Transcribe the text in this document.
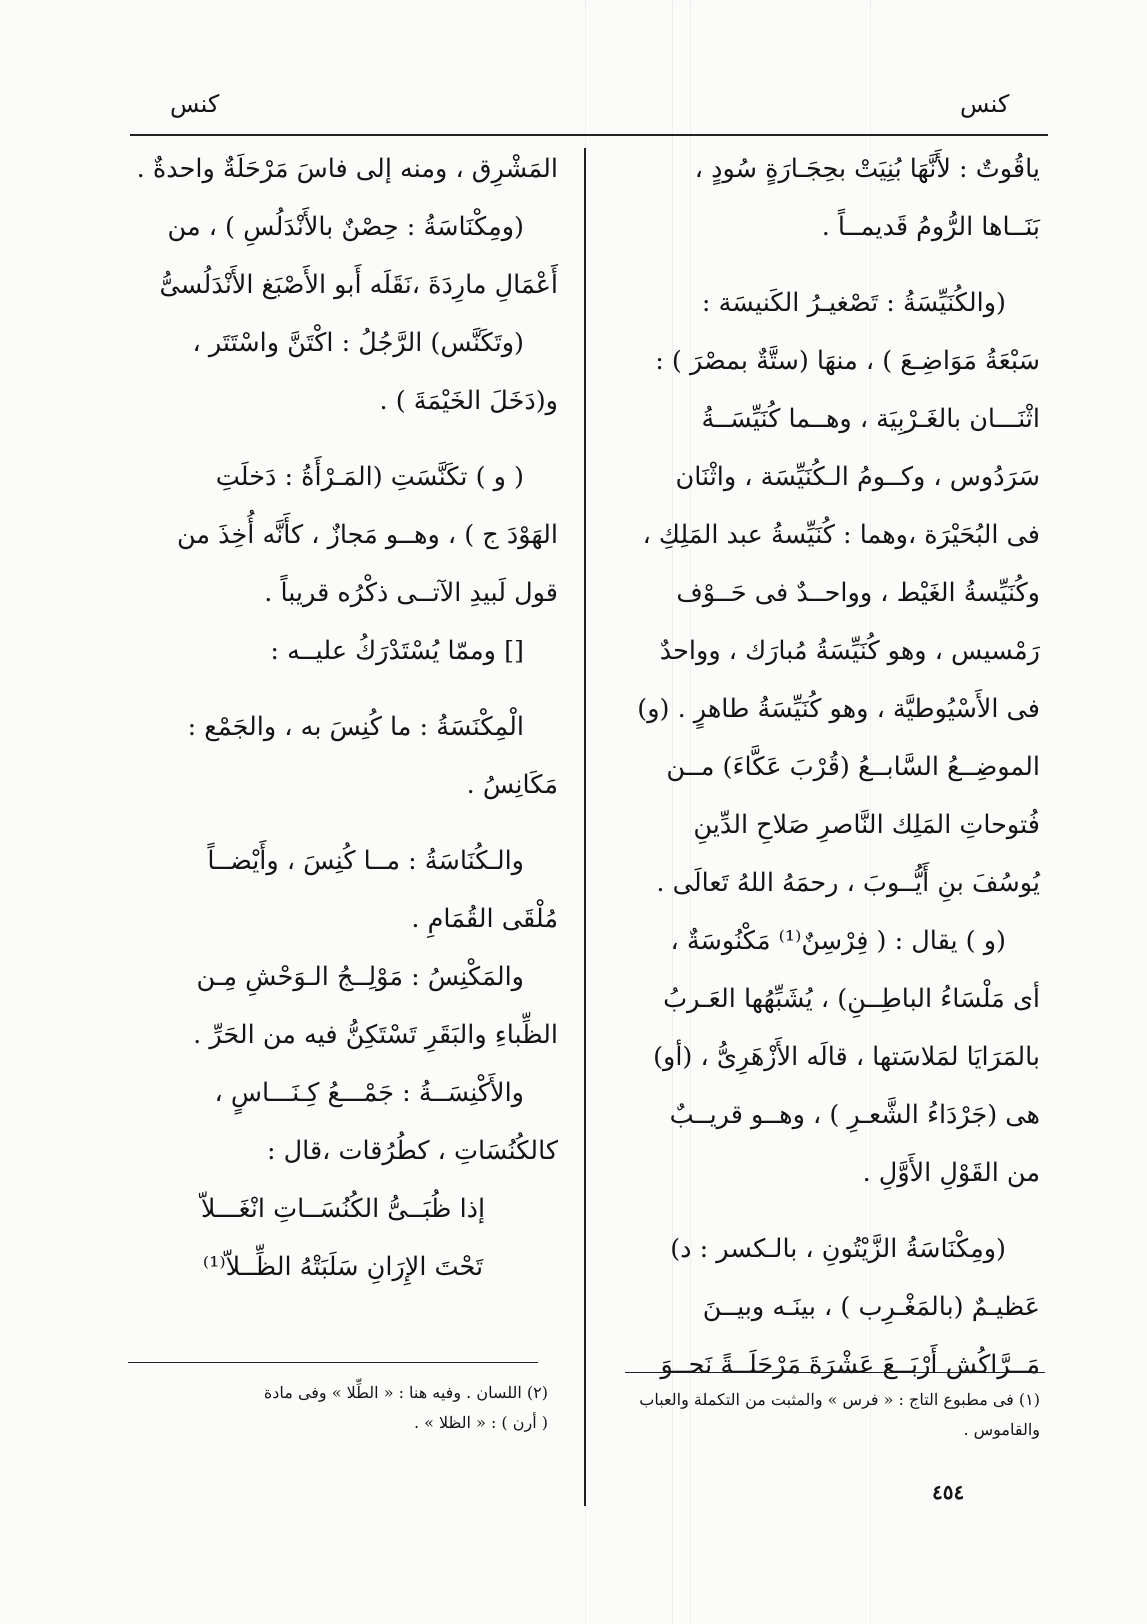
كنس
كنس

ياقُوتٌ : لأَنَّهَا بُنِيَتْ بحِجَـارَةٍ سُودٍ ،

بَنَــاها الرُّومُ قَديمــاً .

(والكُنَيِّسَةُ : تَصْغيـرُ الكَنيسَة :

سَبْعَةُ مَوَاضِـعَ ) ، منهَا (ستَّةٌ بمصْرَ ) :

اثْنَـــان بالغَـرْبِيَة ، وهــما كُنَيِّسَــةُ

سَرَدُوس ، وكــومُ الـكُنَيِّسَة ، واثْنَان

فى البُحَيْرَة ،وهما : كُنَيِّسةُ عبد المَلِكِ ،

وكُنَيِّسةُ الغَيْط ، وواحــدٌ فى حَــوْف

رَمْسيس ، وهو كُنَيِّسَةُ مُبارَك ، وواحدٌ

فى الأَسْيُوطيَّة ، وهو كُنَيِّسَةُ طاهرٍ . (و)

الموضِــعُ السَّابــعُ (قُرْبَ عَكَّاءَ) مــن

فُتوحاتِ المَلِك النَّاصرِ صَلاحِ الدِّينِ

يُوسُفَ بنِ أَيُّــوبَ ، رحمَهُ اللهُ تَعالَى .

(و ) يقال : ( فِرْسِنٌ⁽¹⁾ مَكْنُوسَةٌ ،

أى مَلْسَاءُ الباطِــنِ) ، يُشَبِّهُها العَـربُ

بالمَرَايَا لمَلاسَتها ، قالَه الأَزْهَرِىُّ ، (أو)

هى (جَرْدَاءُ الشَّعـرِ ) ، وهــو قريــبٌ

من القَوْلِ الأَوَّلِ .

(ومِكْنَاسَةُ الزَّيْتُونِ ، بالـكسر : د)

عَظيـمٌ (بالمَغْـرِب ) ، بينَـه وبيــنَ

مَــرَّاكُش أَرْبَــعَ عَشْرَةَ مَرْحَلَــةً نَحــوَ

المَشْرِق ، ومنه إلى فاسَ مَرْحَلَةٌ واحدةٌ .

(ومِكْنَاسَةُ : حِصْنٌ بالأَنْدَلُسِ ) ، من

أَعْمَالِ مارِدَةَ ،نَقَلَه أَبو الأَصْبَغ الأَنْدَلُسىُّ

(وتَكَنَّس) الرَّجُلُ : اكْتَنَّ واسْتَتَر ،

و(دَخَلَ الخَيْمَةَ ) .

( و ) تكَنَّسَتِ (المَـرْأَةُ : دَخلَتِ

الهَوْدَ ج ) ، وهــو مَجازٌ ، كأَنَّه أُخِذَ من

قول لَبيدِ الآتــى ذكْرُه قريباً .

[] وممّا يُسْتَدْرَكُ عليــه :

الْمِكْنَسَةُ : ما كُنِسَ به ، والجَمْع :

مَكَانِسُ .

والـكُنَاسَةُ : مــا كُنِسَ ، وأَيْضــاً

مُلْقَى القُمَامِ .

والمَكْنِسُ : مَوْلِــجُ الـوَحْشِ مِـن

الظِّباءِ والبَقَرِ تَسْتَكِنُّ فيه من الحَرِّ .

والأَكْنِسَــةُ : جَمْـــعُ كِـنَـــاسٍ ،

كالكُنُسَاتِ ، كطُرُقات ،قال :

إذا ظُبَــىُّ الكُنُسَــاتِ انْغَـــلاّ

تَحْتَ الإِرَانِ سَلَبَتْهُ الظِّــلاّ⁽¹⁾

(١) فى مطبوع التاج : « فرس » والمثبت من التكملة والعباب
والقاموس .
(٢) اللسان . وفيه هنا : « الطِّلا » وفى مادة
( أرن ) : « الظلا » .
٤٥٤
